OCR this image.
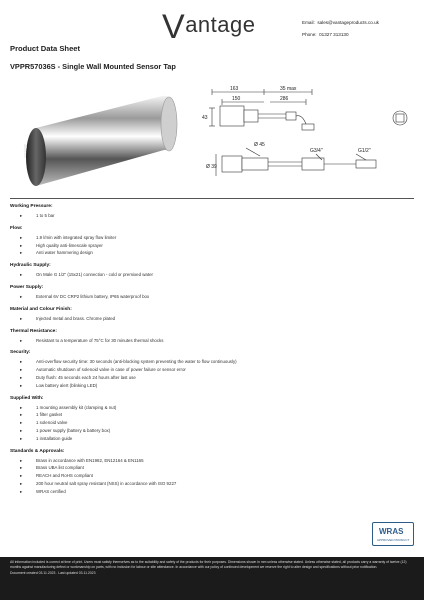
Vantage	Email: sales@vantageproducts.co.uk
Phone: 01327 313130
Product Data Sheet
VPPR57036S - Single Wall Mounted Sensor Tap
vantage
163	35 max
150	286
43
Ø 45
Ø 39
G3/4"	G1/2"
Working Pressure:
▸ 1 to 5 bar
Flow:
▸ 1.9 l/min with integrated spray flow limiter
▸ High quality anti-limescale sprayer
▸ Anti water hammering design
Hydraulic Supply:
▸ On Male G 1/2" (15x21) connection - cold or premixed water
Power Supply:
▸ External 6V DC CRP2 lithium battery, IP65 waterproof box
Material and Colour Finish:
▸ Injected metal and brass. Chrome plated
Thermal Resistance:
▸ Resistant to a temperature of 75°C for 30 minutes thermal shocks
Security:
▸ Anti-overflow security time: 30 seconds (anti-blocking system preventing the water to flow continuously)
▸ Automatic shutdown of solenoid valve in case of power failure or sensor error
▸ Duty flush: 45 seconds each 24 hours after last use
▸ Low battery alert (blinking LED)
Supplied With:
▸ 1 mounting assembly kit (clamping & nut)
▸ 1 filter gasket
▸ 1 solenoid valve
▸ 1 power supply (battery & battery box)
▸ 1 installation guide
Standards & Approvals:
▸ Brass in accordance with EN1982, EN12164 & EN1165
▸ Brass UBA list compliant
▸ REACH and RoHS compliant
▸ 200 hour neutral salt spray resistant (NSS) in accordance with ISO 9227
▸ WRAS certified
WRAS
APPROVED PRODUCT
All information included is correct at time of print. Users must satisfy themselves as to the suitability and safety of the products for their purposes. Dimensions shown in mm unless otherwise stated. Unless otherwise stated, all products carry a warranty of twelve (12) months against manufacturing defect or workmanship on parts, with no inclusion for labour or site attendance. In accordance with our policy of continued development we reserve the right to alter design and specifications without prior notification.
Document created 03.11.2023 . Last updated 03.11.2023
